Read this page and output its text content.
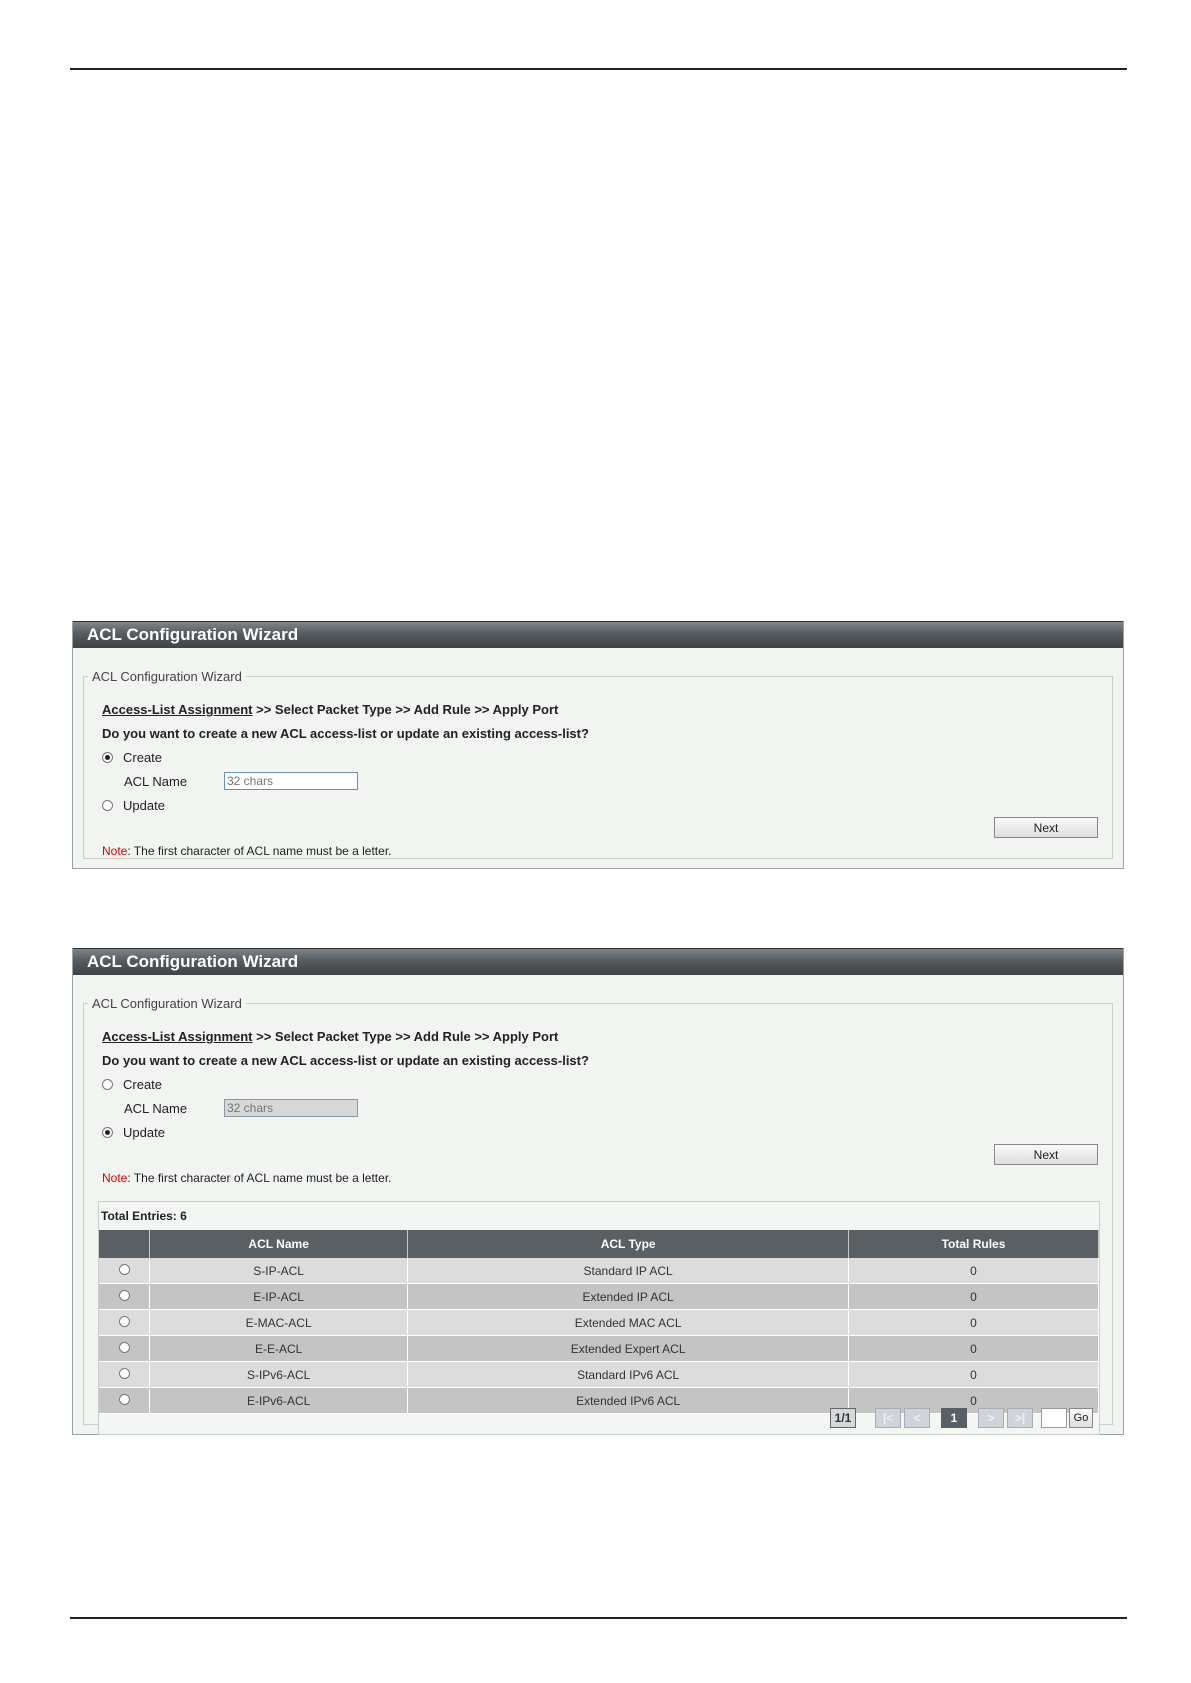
ACL Configuration Wizard
ACL Configuration Wizard
Access-List Assignment >> Select Packet Type >> Add Rule >> Apply Port
Do you want to create a new ACL access-list or update an existing access-list?
Create
ACL Name
32 chars
Update
Next
Note: The first character of ACL name must be a letter.
ACL Configuration Wizard
ACL Configuration Wizard
Access-List Assignment >> Select Packet Type >> Add Rule >> Apply Port
Do you want to create a new ACL access-list or update an existing access-list?
Create
ACL Name
32 chars
Update
Next
Note: The first character of ACL name must be a letter.
Total Entries: 6
	ACL Name	ACL Type	Total Rules
	S-IP-ACL	Standard IP ACL	0
	E-IP-ACL	Extended IP ACL	0
	E-MAC-ACL	Extended MAC ACL	0
	E-E-ACL	Extended Expert ACL	0
	S-IPv6-ACL	Standard IPv6 ACL	0
	E-IPv6-ACL	Extended IPv6 ACL	0
1/1	|<	<	1	>	>|	Go
